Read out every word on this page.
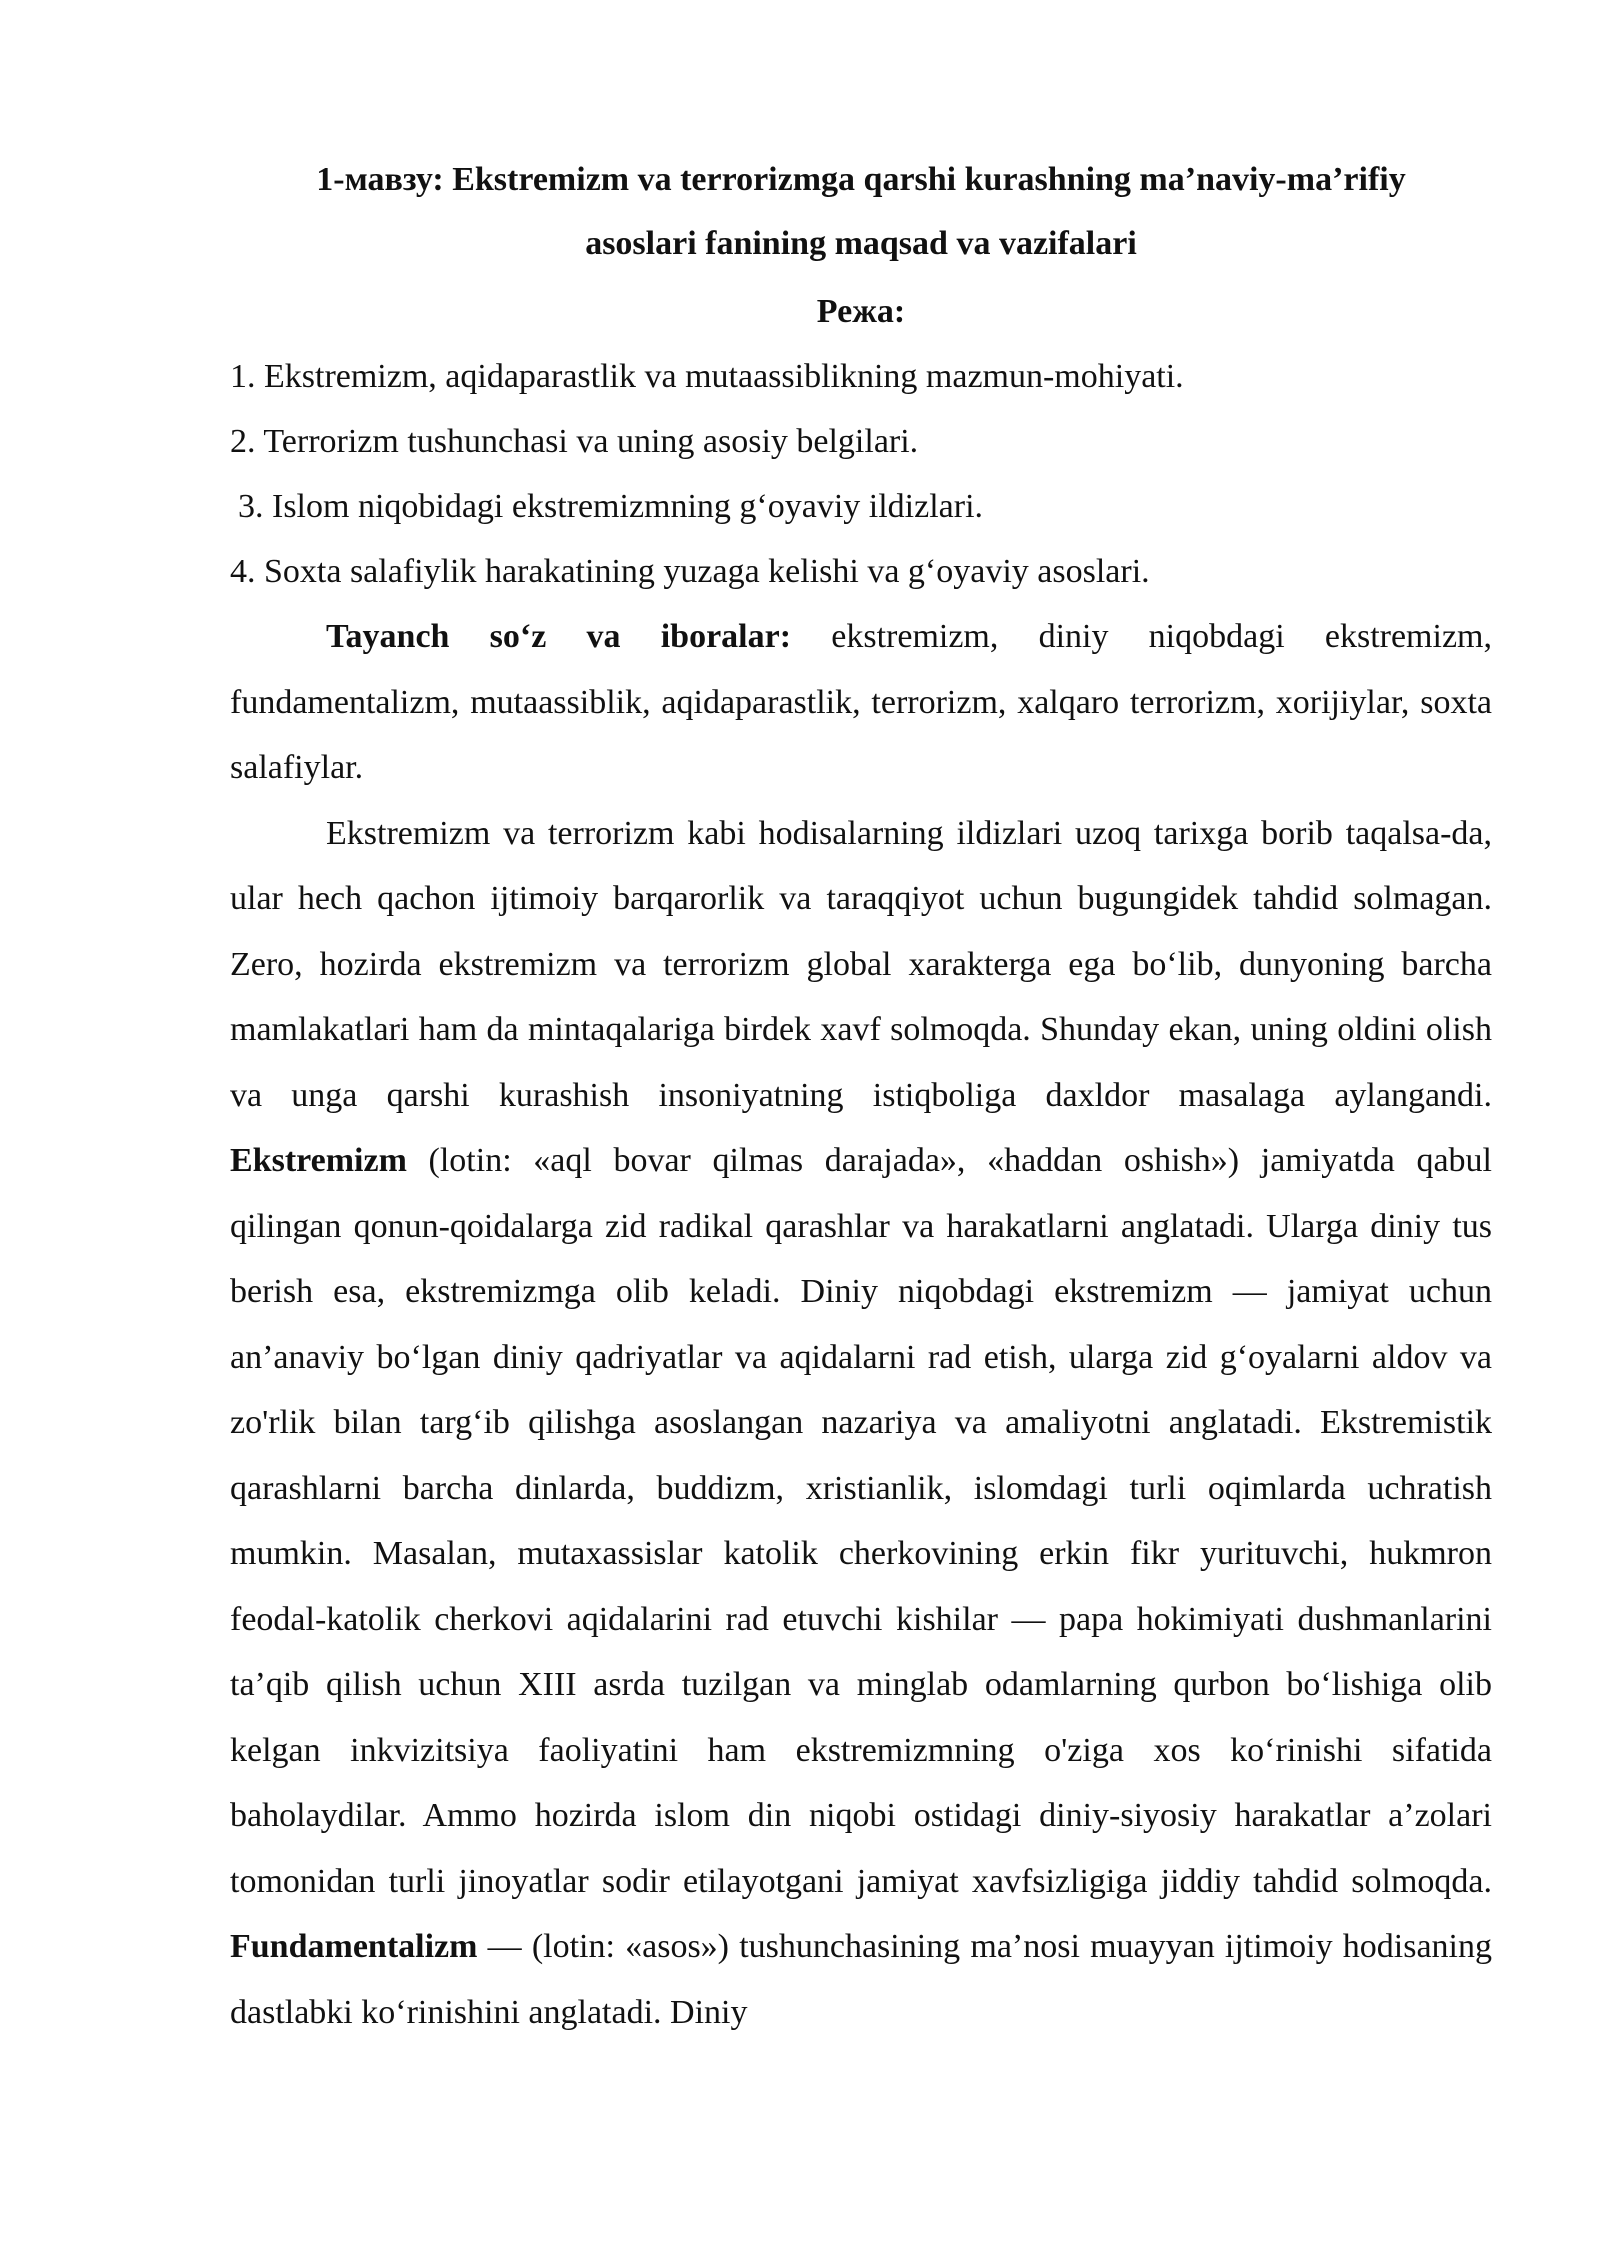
1-мавзу: Ekstremizm va terrorizmga qarshi kurashning ma’naviy-ma’rifiy
asoslari fanining maqsad va vazifalari

Режа:

1. Ekstremizm, aqidaparastlik va mutaassiblikning mazmun-mohiyati.
2. Terrorizm tushunchasi va uning asosiy belgilari.
3. Islom niqobidagi ekstremizmning g‘oyaviy ildizlari.
4. Soxta salafiylik harakatining yuzaga kelishi va g‘oyaviy asoslari.

Tayanch so‘z va iboralar: ekstremizm, diniy niqobdagi ekstremizm, fundamentalizm, mutaassiblik, aqidaparastlik, terrorizm, xalqaro terrorizm, xorijiylar, soxta salafiylar.

Ekstremizm va terrorizm kabi hodisalarning ildizlari uzoq tarixga borib taqalsa-da, ular hech qachon ijtimoiy barqarorlik va taraqqiyot uchun bugungidek tahdid solmagan. Zero, hozirda ekstremizm va terrorizm global xarakterga ega bo‘lib, dunyoning barcha mamlakatlari ham da mintaqalariga birdek xavf solmoqda. Shunday ekan, uning oldini olish va unga qarshi kurashish insoniyatning istiqboliga daxldor masalaga aylangandi. Ekstremizm (lotin: «aql bovar qilmas darajada», «haddan oshish») jamiyatda qabul qilingan qonun-qoidalarga zid radikal qarashlar va harakatlarni anglatadi. Ularga diniy tus berish esa, ekstremizmga olib keladi. Diniy niqobdagi ekstremizm — jamiyat uchun an’anaviy bo‘lgan diniy qadriyatlar va aqidalarni rad etish, ularga zid g‘oyalarni aldov va zo'rlik bilan targ‘ib qilishga asoslangan nazariya va amaliyotni anglatadi. Ekstremistik qarashlarni barcha dinlarda, buddizm, xristianlik, islomdagi turli oqimlarda uchratish mumkin. Masalan, mutaxassislar katolik cherkovining erkin fikr yurituvchi, hukmron feodal-katolik cherkovi aqidalarini rad etuvchi kishilar — papa hokimiyati dushmanlarini ta’qib qilish uchun XIII asrda tuzilgan va minglab odamlarning qurbon bo‘lishiga olib kelgan inkvizitsiya faoliyatini ham ekstremizmning o'ziga xos ko‘rinishi sifatida baholaydilar. Ammo hozirda islom din niqobi ostidagi diniy-siyosiy harakatlar a’zolari tomonidan turli jinoyatlar sodir etilayotgani jamiyat xavfsizligiga jiddiy tahdid solmoqda. Fundamentalizm — (lotin: «asos») tushunchasining ma’nosi muayyan ijtimoiy hodisaning dastlabki ko‘rinishini anglatadi. Diniy
